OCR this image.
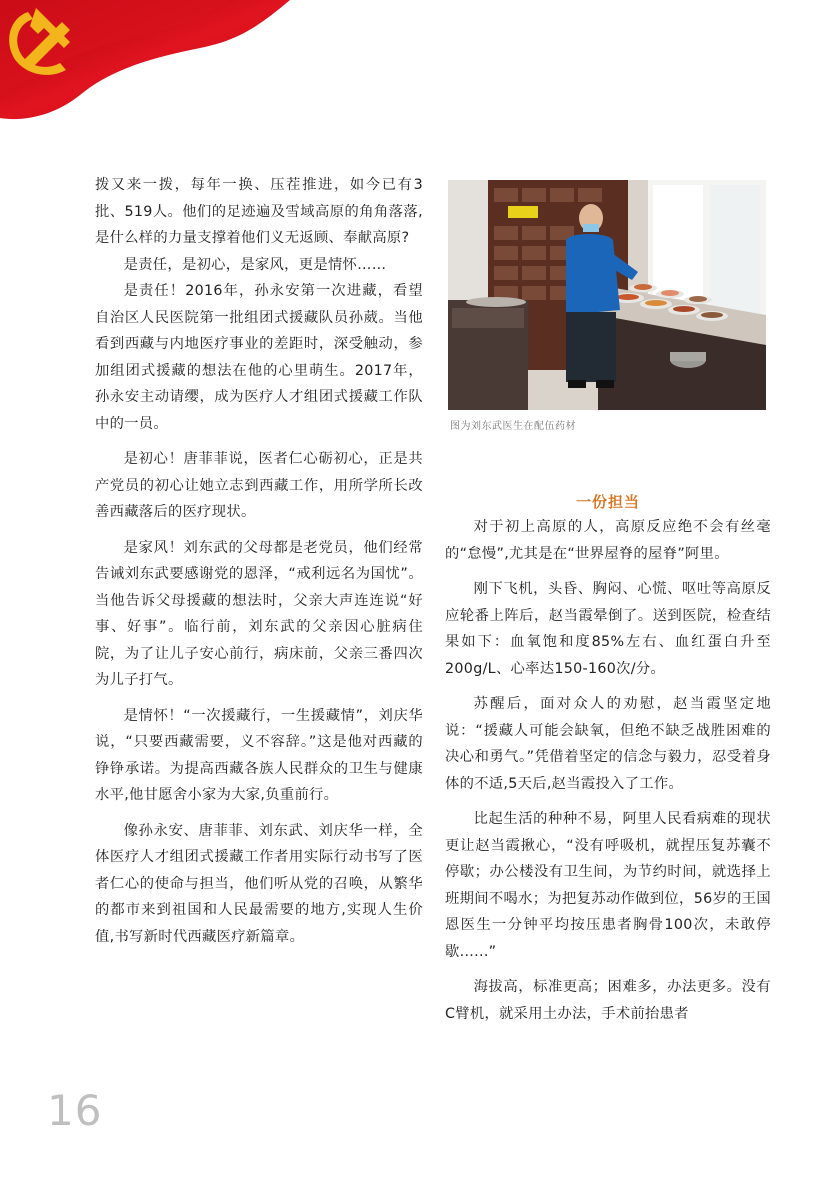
拨又来一拨，每年一换、压茬推进，如今已有3批、519人。他们的足迹遍及雪域高原的角角落落,是什么样的力量支撑着他们义无返顾、奉献高原?

是责任，是初心，是家风，更是情怀……

是责任！2016年，孙永安第一次进藏，看望自治区人民医院第一批组团式援藏队员孙葳。当他看到西藏与内地医疗事业的差距时，深受触动，参加组团式援藏的想法在他的心里萌生。2017年，孙永安主动请缨，成为医疗人才组团式援藏工作队中的一员。

是初心！唐菲菲说，医者仁心砺初心，正是共产党员的初心让她立志到西藏工作，用所学所长改善西藏落后的医疗现状。

是家风！刘东武的父母都是老党员，他们经常告诫刘东武要感谢党的恩泽，“戒利远名为国忧”。当他告诉父母援藏的想法时，父亲大声连连说“好事、好事”。临行前，刘东武的父亲因心脏病住院，为了让儿子安心前行，病床前，父亲三番四次为儿子打气。

是情怀！“一次援藏行，一生援藏情”，刘庆华说，“只要西藏需要，义不容辞。”这是他对西藏的铮铮承诺。为提高西藏各族人民群众的卫生与健康水平,他甘愿舍小家为大家,负重前行。

像孙永安、唐菲菲、刘东武、刘庆华一样，全体医疗人才组团式援藏工作者用实际行动书写了医者仁心的使命与担当，他们听从党的召唤，从繁华的都市来到祖国和人民最需要的地方,实现人生价值,书写新时代西藏医疗新篇章。

图为刘东武医生在配伍药材
一份担当

对于初上高原的人，高原反应绝不会有丝毫的“怠慢”,尤其是在“世界屋脊的屋脊”阿里。

刚下飞机，头昏、胸闷、心慌、呕吐等高原反应轮番上阵后，赵当霞晕倒了。送到医院，检查结果如下：血氧饱和度85%左右、血红蛋白升至200g/L、心率达150-160次/分。

苏醒后，面对众人的劝慰，赵当霞坚定地说：“援藏人可能会缺氧，但绝不缺乏战胜困难的决心和勇气。”凭借着坚定的信念与毅力，忍受着身体的不适,5天后,赵当霞投入了工作。

比起生活的种种不易，阿里人民看病难的现状更让赵当霞揪心，“没有呼吸机，就捏压复苏囊不停歇；办公楼没有卫生间，为节约时间，就选择上班期间不喝水；为把复苏动作做到位，56岁的王国恩医生一分钟平均按压患者胸骨100次，未敢停歇......”

海拔高，标准更高；困难多，办法更多。没有C臂机，就采用土办法，手术前抬患者

16
